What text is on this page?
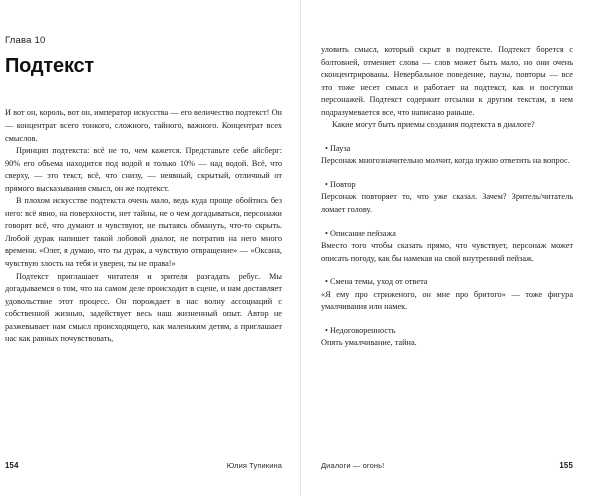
Глава 10
Подтекст

И вот он, король, вот он, император искусства — его величество подтекст! Он — концентрат всего тонкого, сложного, тайного, важного. Концентрат всех смыслов.

Принцип подтекста: всё не то, чем кажется. Представьте себе айсберг: 90% его объема находится под водой и только 10% — над водой. Всё, что сверху, — это текст, всё, что снизу, — неявный, скрытый, отличный от прямого высказывания смысл, он же подтекст.

В плохом искусстве подтекста очень мало, ведь куда проще обойтись без него: всё явно, на поверхности, нет тайны, не о чем догадываться, персонажи говорят всё, что думают и чувствуют, не пытаясь обмануть, что-то скрыть. Любой дурак напишет такой лобовой диалог, не потратив на него много времени. «Олег, я думаю, что ты дурак, а чувствую отвращение» — «Оксана, чувствую злость на тебя и уверен, ты не права!»

Подтекст приглашает читателя и зрителя разгадать ребус. Мы догадываемся о том, что на самом деле происходит в сцене, и нам доставляет удовольствие этот процесс. Он порождает в нас волну ассоциаций с собственной жизнью, задействует весь наш жизненный опыт. Автор не разжевывает нам смысл происходящего, как маленьким детям, а приглашает нас как равных почувствовать,

154	Юлия Тупикина

уловить смысл, который скрыт в подтексте. Подтекст борется с болтовней, отменяет слова — слов может быть мало, но они очень сконцентрированы. Невербальное поведение, паузы, повторы — все это тоже несет смысл и работает на подтекст, как и поступки персонажей. Подтекст содержит отсылки к другим текстам, в нем подразумевается все, что написано раньше.

Какие могут быть приемы создания подтекста в диалоге?

• Пауза

Персонаж многозначительно молчит, когда нужно ответить на вопрос.

• Повтор

Персонаж повторяет то, что уже сказал. Зачем? Зритель/читатель ломает голову.

• Описание пейзажа

Вместо того чтобы сказать прямо, что чувствует, персонаж может описать погоду, как бы намекая на свой внутренний пейзаж.

• Смена темы, уход от ответа

«Я ему про стриженого, он мне про бритого» — тоже фигура умалчивания или намек.

• Недоговоренность

Опять умалчивание, тайна.

Диалоги — огонь!	155
